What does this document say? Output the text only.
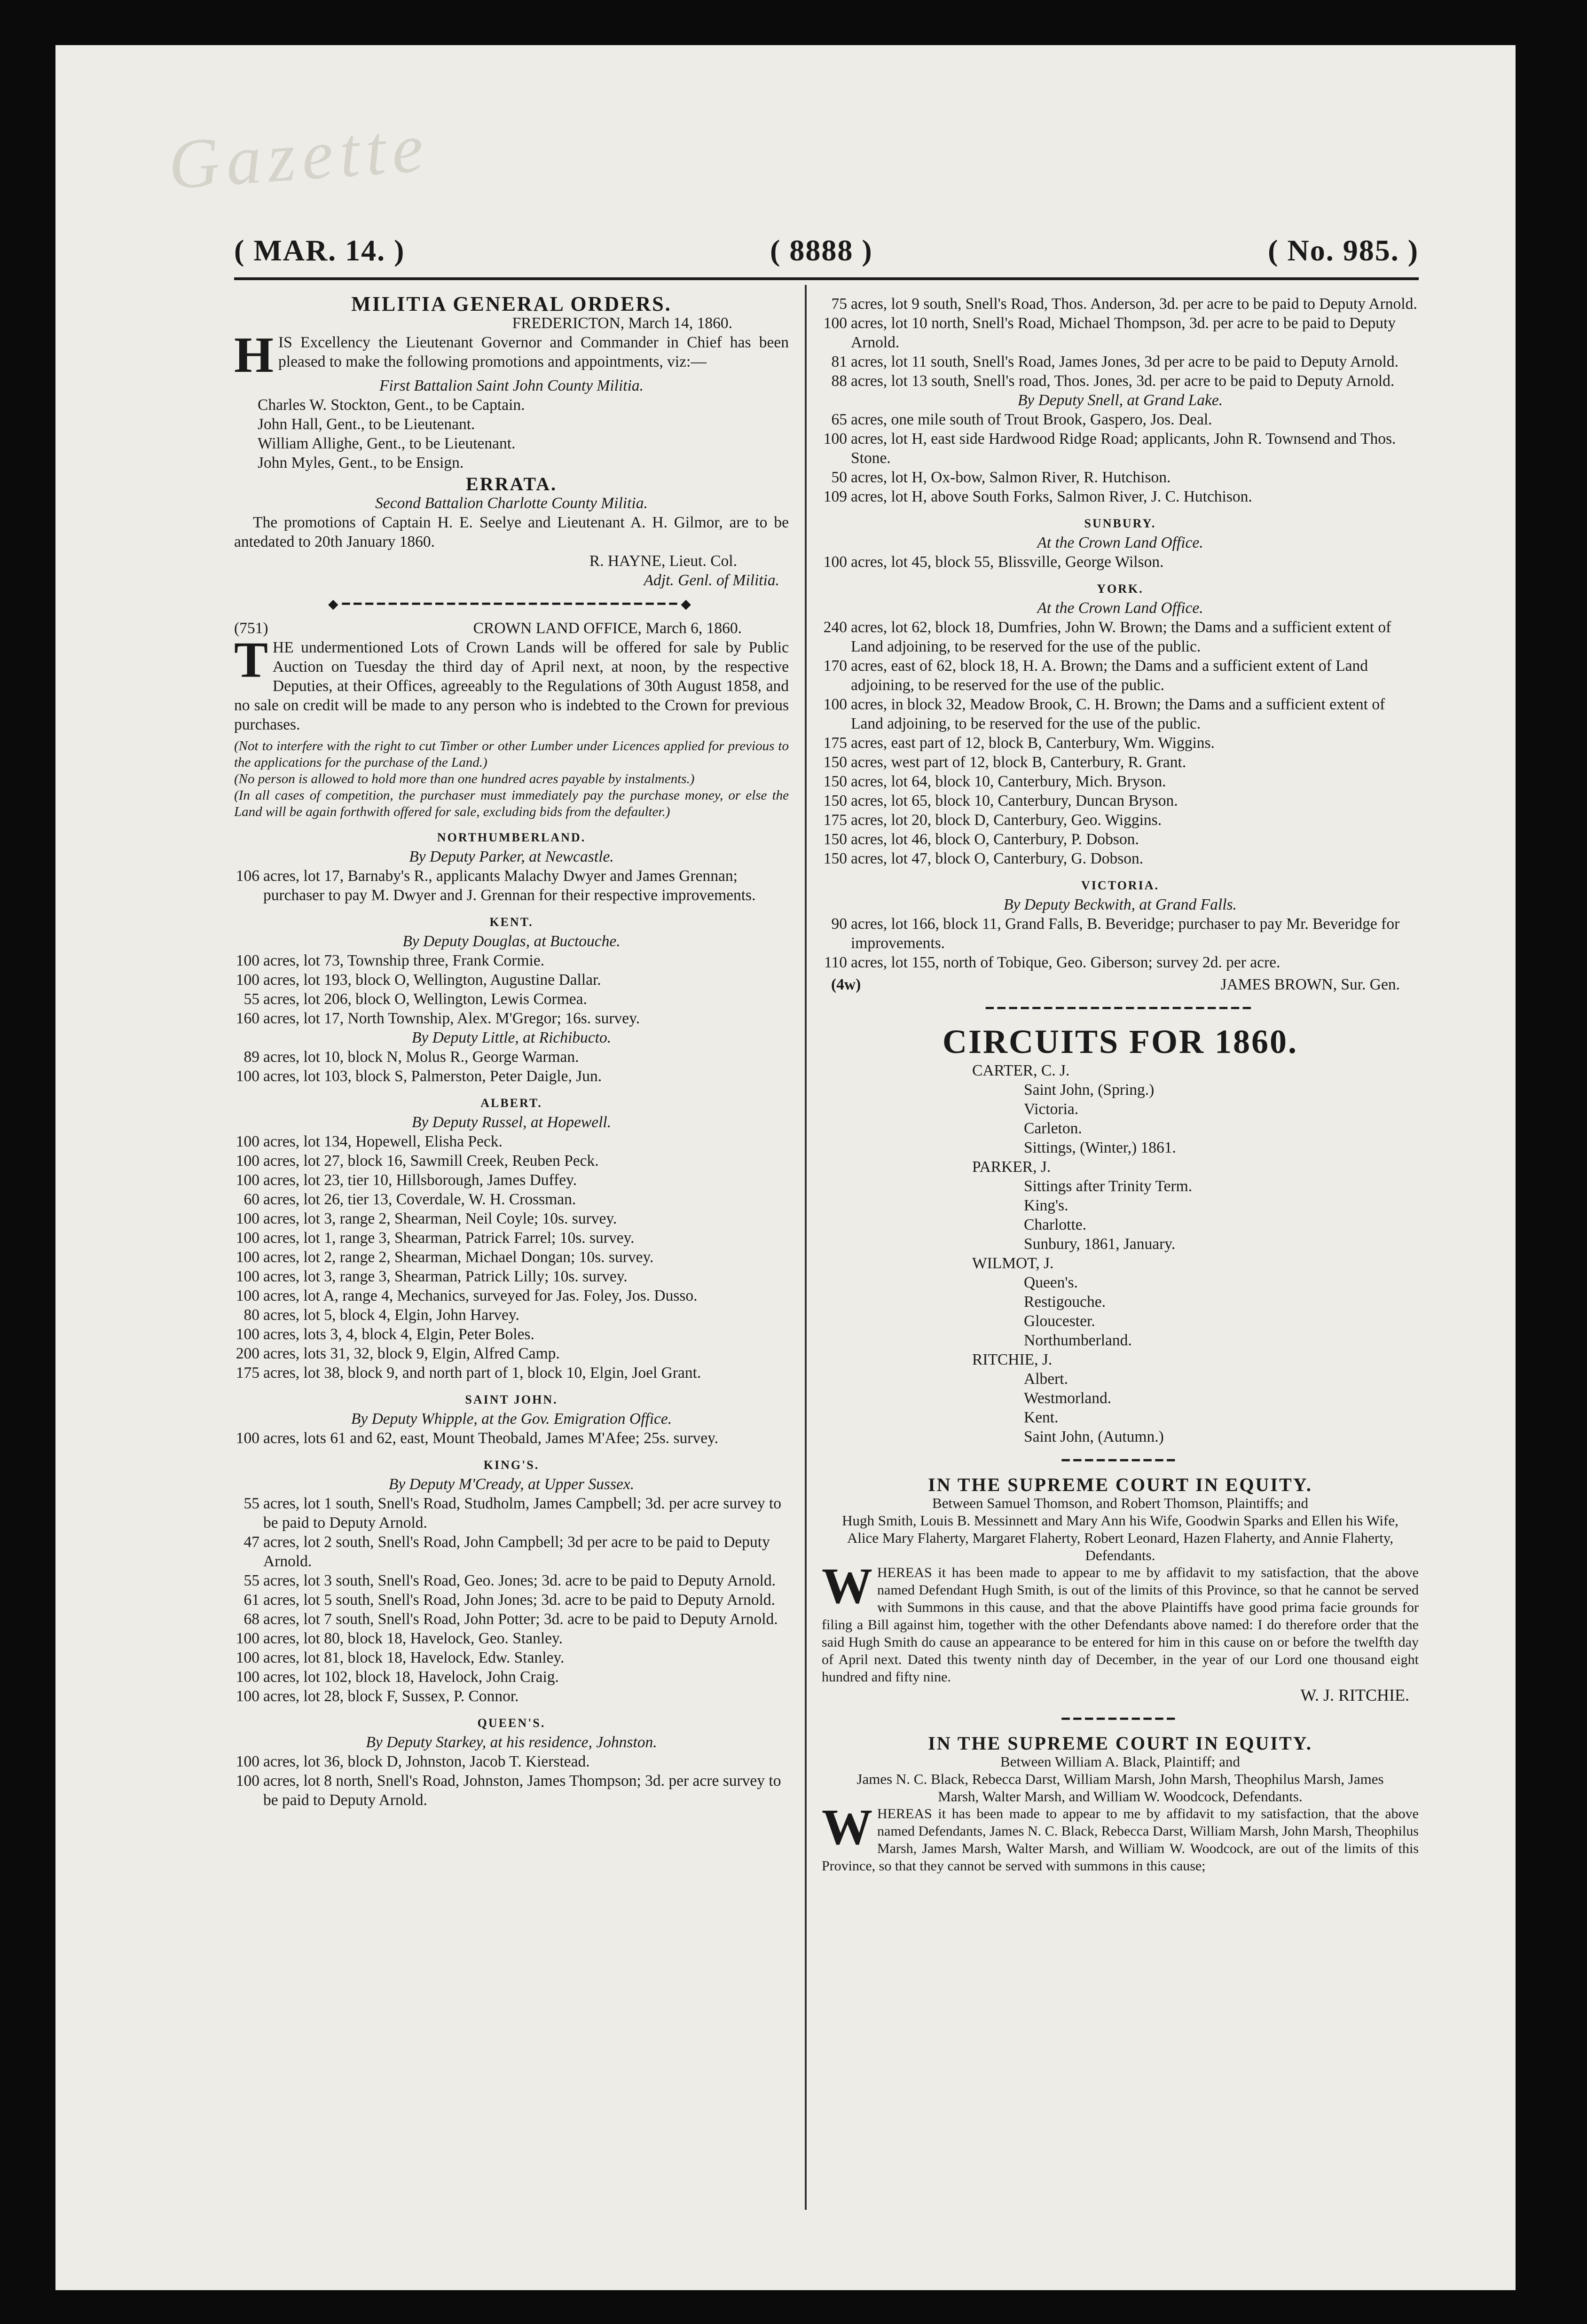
Gazette
( MAR. 14. )	( 8888 )	( No. 985. )
MILITIA GENERAL ORDERS.
FREDERICTON, March 14, 1860.
HIS Excellency the Lieutenant Governor and Commander in Chief has been pleased to make the following promotions and appointments, viz:—
First Battalion Saint John County Militia.
Charles W. Stockton, Gent., to be Captain.
John Hall, Gent., to be Lieutenant.
William Allighe, Gent., to be Lieutenant.
John Myles, Gent., to be Ensign.
ERRATA.
Second Battalion Charlotte County Militia.
The promotions of Captain H. E. Seelye and Lieutenant A. H. Gilmor, are to be antedated to 20th January 1860.
R. HAYNE, Lieut. Col.
Adjt. Genl. of Militia.
◆━━━━━━━━━━━━━━━━━━━━━━━━━━━━━◆
(751)	CROWN LAND OFFICE, March 6, 1860.
THE undermentioned Lots of Crown Lands will be offered for sale by Public Auction on Tuesday the third day of April next, at noon, by the respective Deputies, at their Offices, agreeably to the Regulations of 30th August 1858, and no sale on credit will be made to any person who is indebted to the Crown for previous purchases.
(Not to interfere with the right to cut Timber or other Lumber under Licences applied for previous to the applications for the purchase of the Land.)
(No person is allowed to hold more than one hundred acres payable by instalments.)
(In all cases of competition, the purchaser must immediately pay the purchase money, or else the Land will be again forthwith offered for sale, excluding bids from the defaulter.)
NORTHUMBERLAND.
By Deputy Parker, at Newcastle.
106 acres, lot 17, Barnaby's R., applicants Malachy Dwyer and James Grennan; purchaser to pay M. Dwyer and J. Grennan for their respective improvements.
KENT.
By Deputy Douglas, at Buctouche.
100 acres, lot 73, Township three, Frank Cormie.
100 acres, lot 193, block O, Wellington, Augustine Dallar.
55 acres, lot 206, block O, Wellington, Lewis Cormea.
160 acres, lot 17, North Township, Alex. M'Gregor; 16s. survey.
By Deputy Little, at Richibucto.
89 acres, lot 10, block N, Molus R., George Warman.
100 acres, lot 103, block S, Palmerston, Peter Daigle, Jun.
ALBERT.
By Deputy Russel, at Hopewell.
100 acres, lot 134, Hopewell, Elisha Peck.
100 acres, lot 27, block 16, Sawmill Creek, Reuben Peck.
100 acres, lot 23, tier 10, Hillsborough, James Duffey.
60 acres, lot 26, tier 13, Coverdale, W. H. Crossman.
100 acres, lot 3, range 2, Shearman, Neil Coyle; 10s. survey.
100 acres, lot 1, range 3, Shearman, Patrick Farrel; 10s. survey.
100 acres, lot 2, range 2, Shearman, Michael Dongan; 10s. survey.
100 acres, lot 3, range 3, Shearman, Patrick Lilly; 10s. survey.
100 acres, lot A, range 4, Mechanics, surveyed for Jas. Foley, Jos. Dusso.
80 acres, lot 5, block 4, Elgin, John Harvey.
100 acres, lots 3, 4, block 4, Elgin, Peter Boles.
200 acres, lots 31, 32, block 9, Elgin, Alfred Camp.
175 acres, lot 38, block 9, and north part of 1, block 10, Elgin, Joel Grant.
SAINT JOHN.
By Deputy Whipple, at the Gov. Emigration Office.
100 acres, lots 61 and 62, east, Mount Theobald, James M'Afee; 25s. survey.
KING'S.
By Deputy M'Cready, at Upper Sussex.
55 acres, lot 1 south, Snell's Road, Studholm, James Campbell; 3d. per acre survey to be paid to Deputy Arnold.
47 acres, lot 2 south, Snell's Road, John Campbell; 3d per acre to be paid to Deputy Arnold.
55 acres, lot 3 south, Snell's Road, Geo. Jones; 3d. acre to be paid to Deputy Arnold.
61 acres, lot 5 south, Snell's Road, John Jones; 3d. acre to be paid to Deputy Arnold.
68 acres, lot 7 south, Snell's Road, John Potter; 3d. acre to be paid to Deputy Arnold.
100 acres, lot 80, block 18, Havelock, Geo. Stanley.
100 acres, lot 81, block 18, Havelock, Edw. Stanley.
100 acres, lot 102, block 18, Havelock, John Craig.
100 acres, lot 28, block F, Sussex, P. Connor.
QUEEN'S.
By Deputy Starkey, at his residence, Johnston.
100 acres, lot 36, block D, Johnston, Jacob T. Kierstead.
100 acres, lot 8 north, Snell's Road, Johnston, James Thompson; 3d. per acre survey to be paid to Deputy Arnold.
75 acres, lot 9 south, Snell's Road, Thos. Anderson, 3d. per acre to be paid to Deputy Arnold.
100 acres, lot 10 north, Snell's Road, Michael Thompson, 3d. per acre to be paid to Deputy Arnold.
81 acres, lot 11 south, Snell's Road, James Jones, 3d per acre to be paid to Deputy Arnold.
88 acres, lot 13 south, Snell's road, Thos. Jones, 3d. per acre to be paid to Deputy Arnold.
By Deputy Snell, at Grand Lake.
65 acres, one mile south of Trout Brook, Gaspero, Jos. Deal.
100 acres, lot H, east side Hardwood Ridge Road; applicants, John R. Townsend and Thos. Stone.
50 acres, lot H, Ox-bow, Salmon River, R. Hutchison.
109 acres, lot H, above South Forks, Salmon River, J. C. Hutchison.
SUNBURY.
At the Crown Land Office.
100 acres, lot 45, block 55, Blissville, George Wilson.
YORK.
At the Crown Land Office.
240 acres, lot 62, block 18, Dumfries, John W. Brown; the Dams and a sufficient extent of Land adjoining, to be reserved for the use of the public.
170 acres, east of 62, block 18, H. A. Brown; the Dams and a sufficient extent of Land adjoining, to be reserved for the use of the public.
100 acres, in block 32, Meadow Brook, C. H. Brown; the Dams and a sufficient extent of Land adjoining, to be reserved for the use of the public.
175 acres, east part of 12, block B, Canterbury, Wm. Wiggins.
150 acres, west part of 12, block B, Canterbury, R. Grant.
150 acres, lot 64, block 10, Canterbury, Mich. Bryson.
150 acres, lot 65, block 10, Canterbury, Duncan Bryson.
175 acres, lot 20, block D, Canterbury, Geo. Wiggins.
150 acres, lot 46, block O, Canterbury, P. Dobson.
150 acres, lot 47, block O, Canterbury, G. Dobson.
VICTORIA.
By Deputy Beckwith, at Grand Falls.
90 acres, lot 166, block 11, Grand Falls, B. Beveridge; purchaser to pay Mr. Beveridge for improvements.
110 acres, lot 155, north of Tobique, Geo. Giberson; survey 2d. per acre.
(4w)	JAMES BROWN, Sur. Gen.
━━━━━━━━━━━━━━━━━━━━━━━
CIRCUITS FOR 1860.
CARTER, C. J.
Saint John, (Spring.)
Victoria.
Carleton.
Sittings, (Winter,) 1861.
PARKER, J.
Sittings after Trinity Term.
King's.
Charlotte.
Sunbury, 1861, January.
WILMOT, J.
Queen's.
Restigouche.
Gloucester.
Northumberland.
RITCHIE, J.
Albert.
Westmorland.
Kent.
Saint John, (Autumn.)
━━━━━━━━━━
IN THE SUPREME COURT IN EQUITY.
Between Samuel Thomson, and Robert Thomson, Plaintiffs; and
Hugh Smith, Louis B. Messinnett and Mary Ann his Wife, Goodwin Sparks and Ellen his Wife, Alice Mary Flaherty, Margaret Flaherty, Robert Leonard, Hazen Flaherty, and Annie Flaherty, Defendants.
WHEREAS it has been made to appear to me by affidavit to my satisfaction, that the above named Defendant Hugh Smith, is out of the limits of this Province, so that he cannot be served with Summons in this cause, and that the above Plaintiffs have good prima facie grounds for filing a Bill against him, together with the other Defendants above named: I do therefore order that the said Hugh Smith do cause an appearance to be entered for him in this cause on or before the twelfth day of April next. Dated this twenty ninth day of December, in the year of our Lord one thousand eight hundred and fifty nine.
W. J. RITCHIE.
━━━━━━━━━━
IN THE SUPREME COURT IN EQUITY.
Between William A. Black, Plaintiff; and
James N. C. Black, Rebecca Darst, William Marsh, John Marsh, Theophilus Marsh, James Marsh, Walter Marsh, and William W. Woodcock, Defendants.
WHEREAS it has been made to appear to me by affidavit to my satisfaction, that the above named Defendants, James N. C. Black, Rebecca Darst, William Marsh, John Marsh, Theophilus Marsh, James Marsh, Walter Marsh, and William W. Woodcock, are out of the limits of this Province, so that they cannot be served with summons in this cause;
